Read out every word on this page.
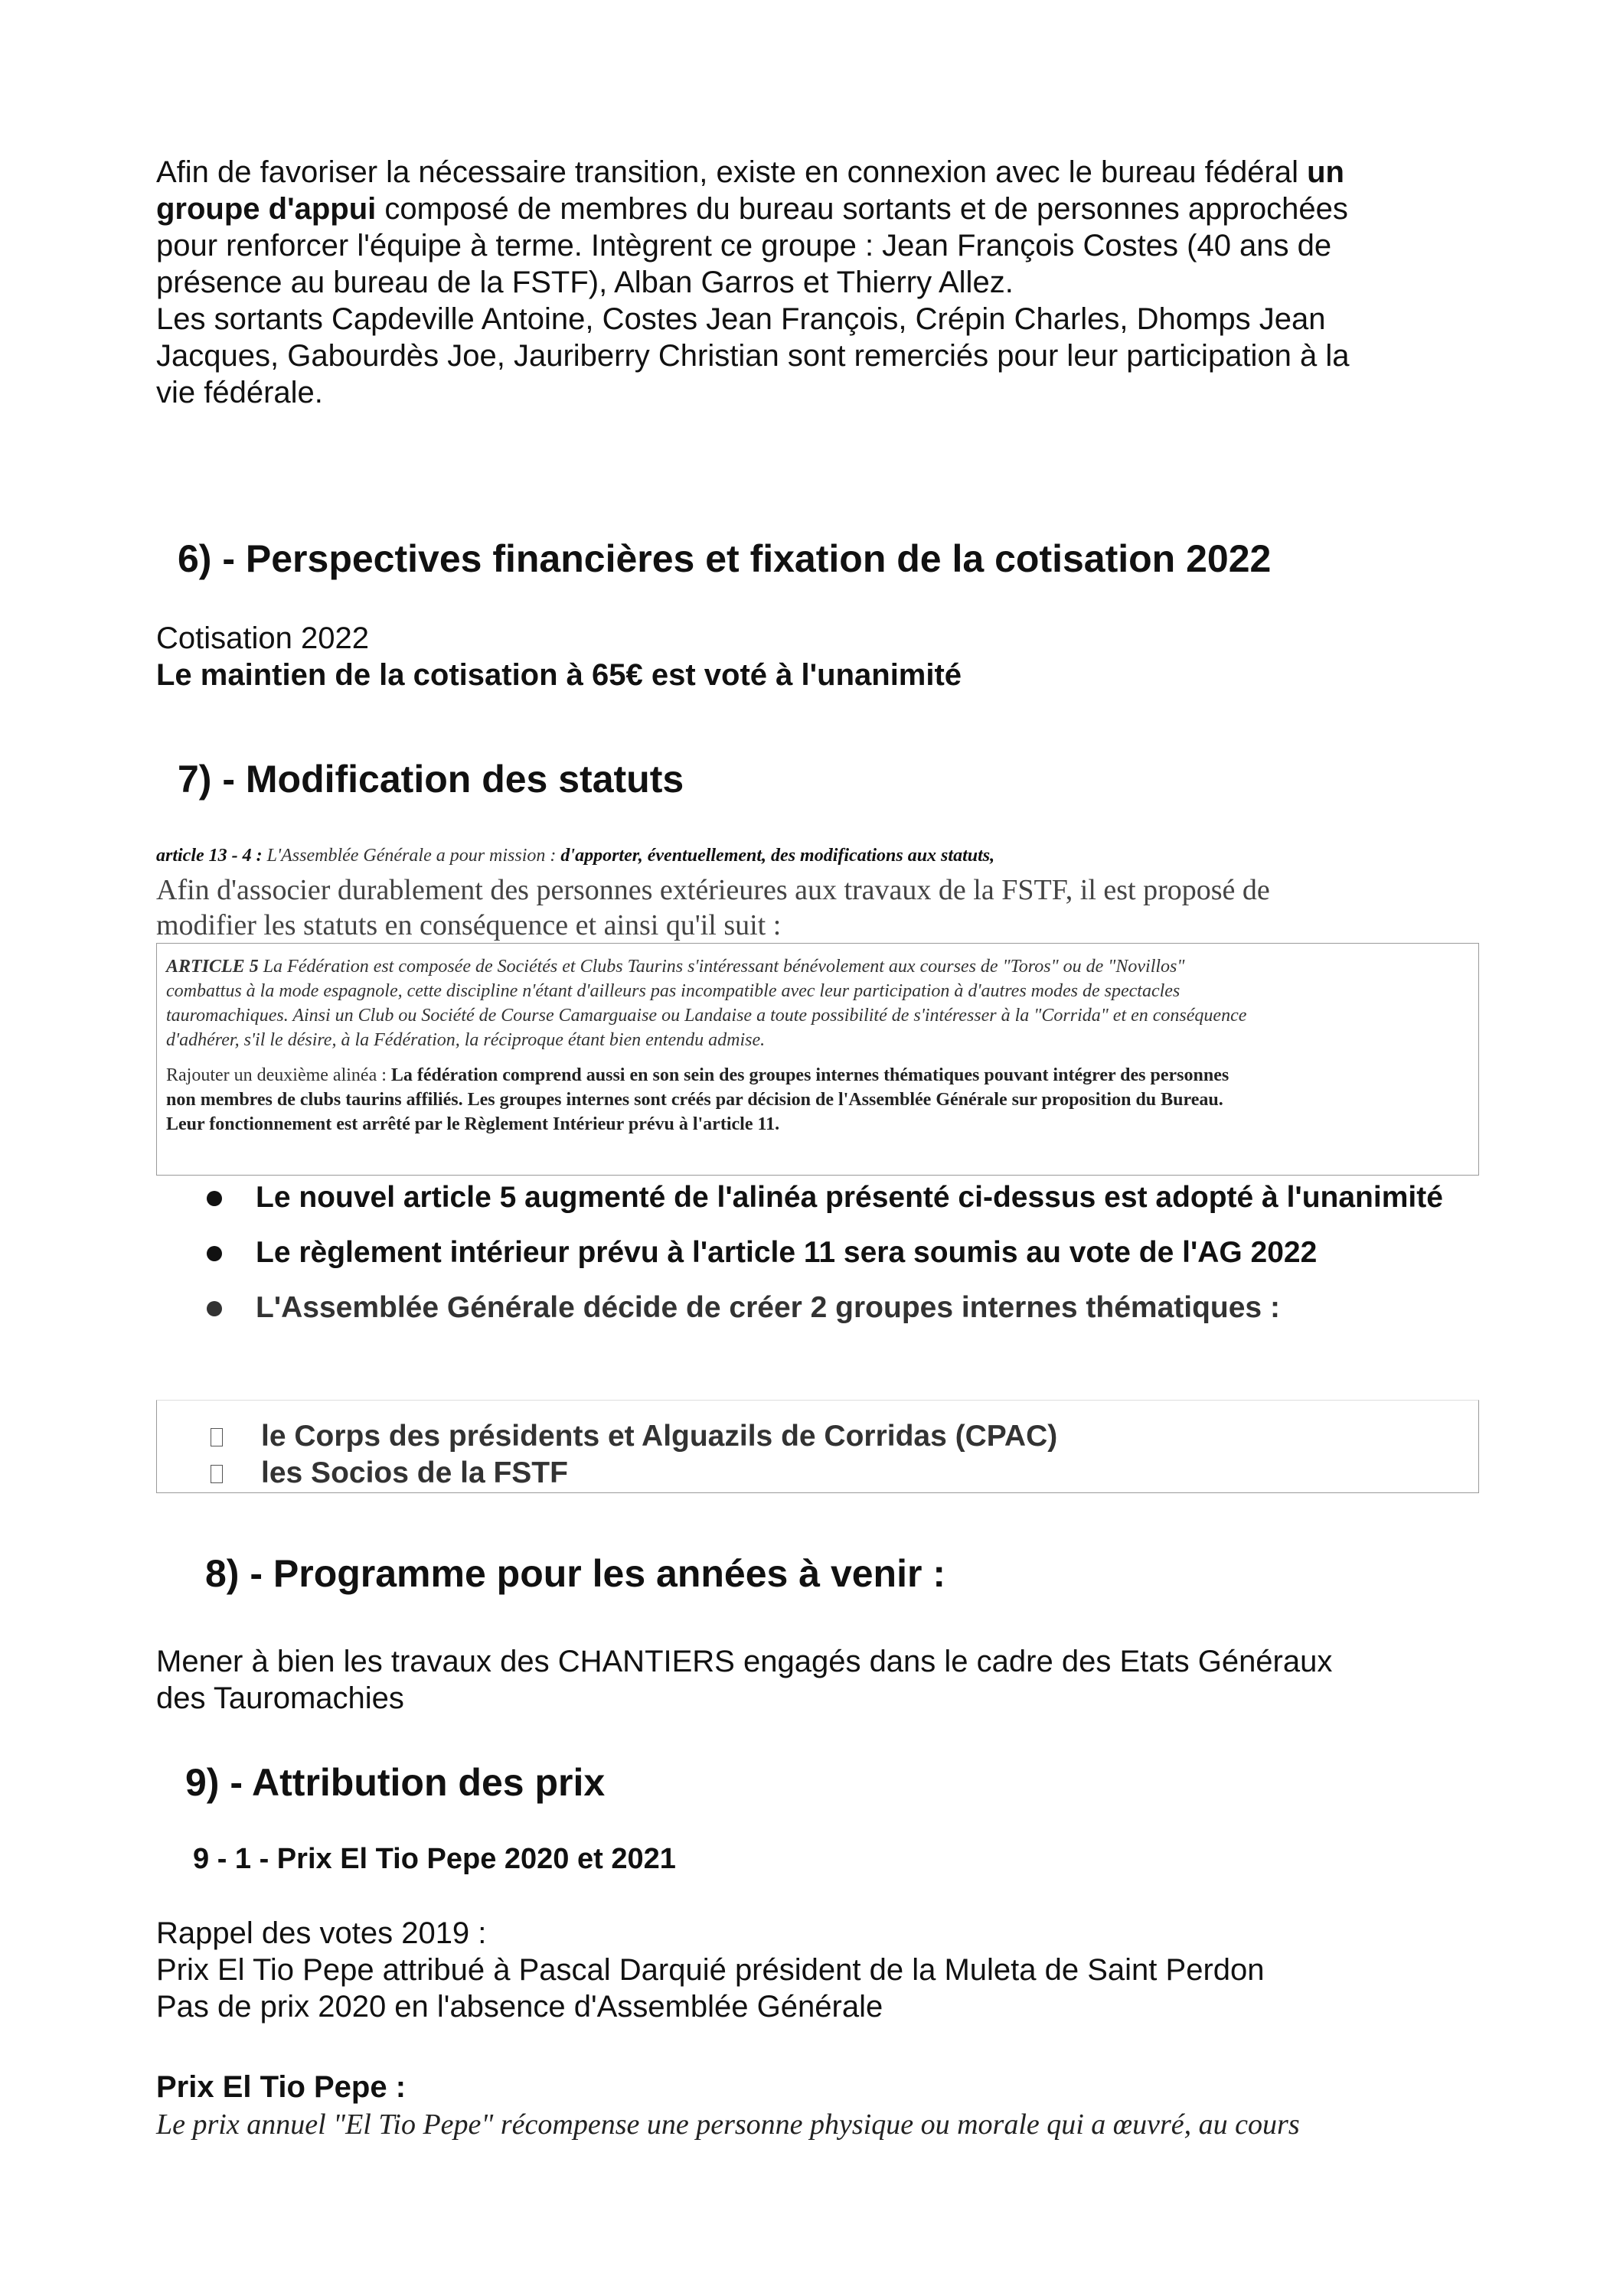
Afin de favoriser la nécessaire transition, existe en connexion avec le bureau fédéral un
groupe d'appui composé de membres du bureau sortants et de personnes approchées
pour renforcer l'équipe à terme. Intègrent ce groupe : Jean François Costes (40 ans de
présence au bureau de la FSTF), Alban Garros et Thierry Allez.
Les sortants Capdeville Antoine, Costes Jean François, Crépin Charles, Dhomps Jean
Jacques, Gabourdès Joe, Jauriberry Christian sont remerciés pour leur participation à la
vie fédérale.
6) - Perspectives financières et fixation de la cotisation 2022
Cotisation 2022
Le maintien de la cotisation à 65€ est voté à l'unanimité
7) - Modification des statuts
article 13 - 4 : L'Assemblée Générale a pour mission : d'apporter, éventuellement, des modifications aux statuts,
Afin d'associer durablement des personnes extérieures aux travaux de la FSTF, il est proposé de
modifier les statuts en conséquence et ainsi qu'il suit :
ARTICLE 5 La Fédération est composée de Sociétés et Clubs Taurins s'intéressant bénévolement aux courses de "Toros" ou de "Novillos"
combattus à la mode espagnole, cette discipline n'étant d'ailleurs pas incompatible avec leur participation à d'autres modes de spectacles
tauromachiques. Ainsi un Club ou Société de Course Camarguaise ou Landaise a toute possibilité de s'intéresser à la "Corrida" et en conséquence
d'adhérer, s'il le désire, à la Fédération, la réciproque étant bien entendu admise.
Rajouter un deuxième alinéa : La fédération comprend aussi en son sein des groupes internes thématiques pouvant intégrer des personnes
non membres de clubs taurins affiliés. Les groupes internes sont créés par décision de l'Assemblée Générale sur proposition du Bureau.
Leur fonctionnement est arrêté par le Règlement Intérieur prévu à l'article 11.
Le nouvel article 5 augmenté de l'alinéa présenté ci-dessus est adopté à l'unanimité
Le règlement intérieur prévu à l'article 11 sera soumis au vote de l'AG 2022
L'Assemblée Générale décide de créer 2 groupes internes thématiques :
le Corps des présidents et Alguazils de Corridas (CPAC)
les Socios de la FSTF
8) - Programme pour les années à venir :
Mener à bien les travaux des CHANTIERS engagés dans le cadre des Etats Généraux
des Tauromachies
9) - Attribution des prix
9 - 1 - Prix El Tio Pepe 2020 et 2021
Rappel des votes 2019 :
Prix El Tio Pepe attribué à Pascal Darquié président de la Muleta de Saint Perdon
Pas de prix 2020 en l'absence d'Assemblée Générale
Prix El Tio Pepe :
Le prix annuel "El Tio Pepe" récompense une personne physique ou morale qui a œuvré, au cours
